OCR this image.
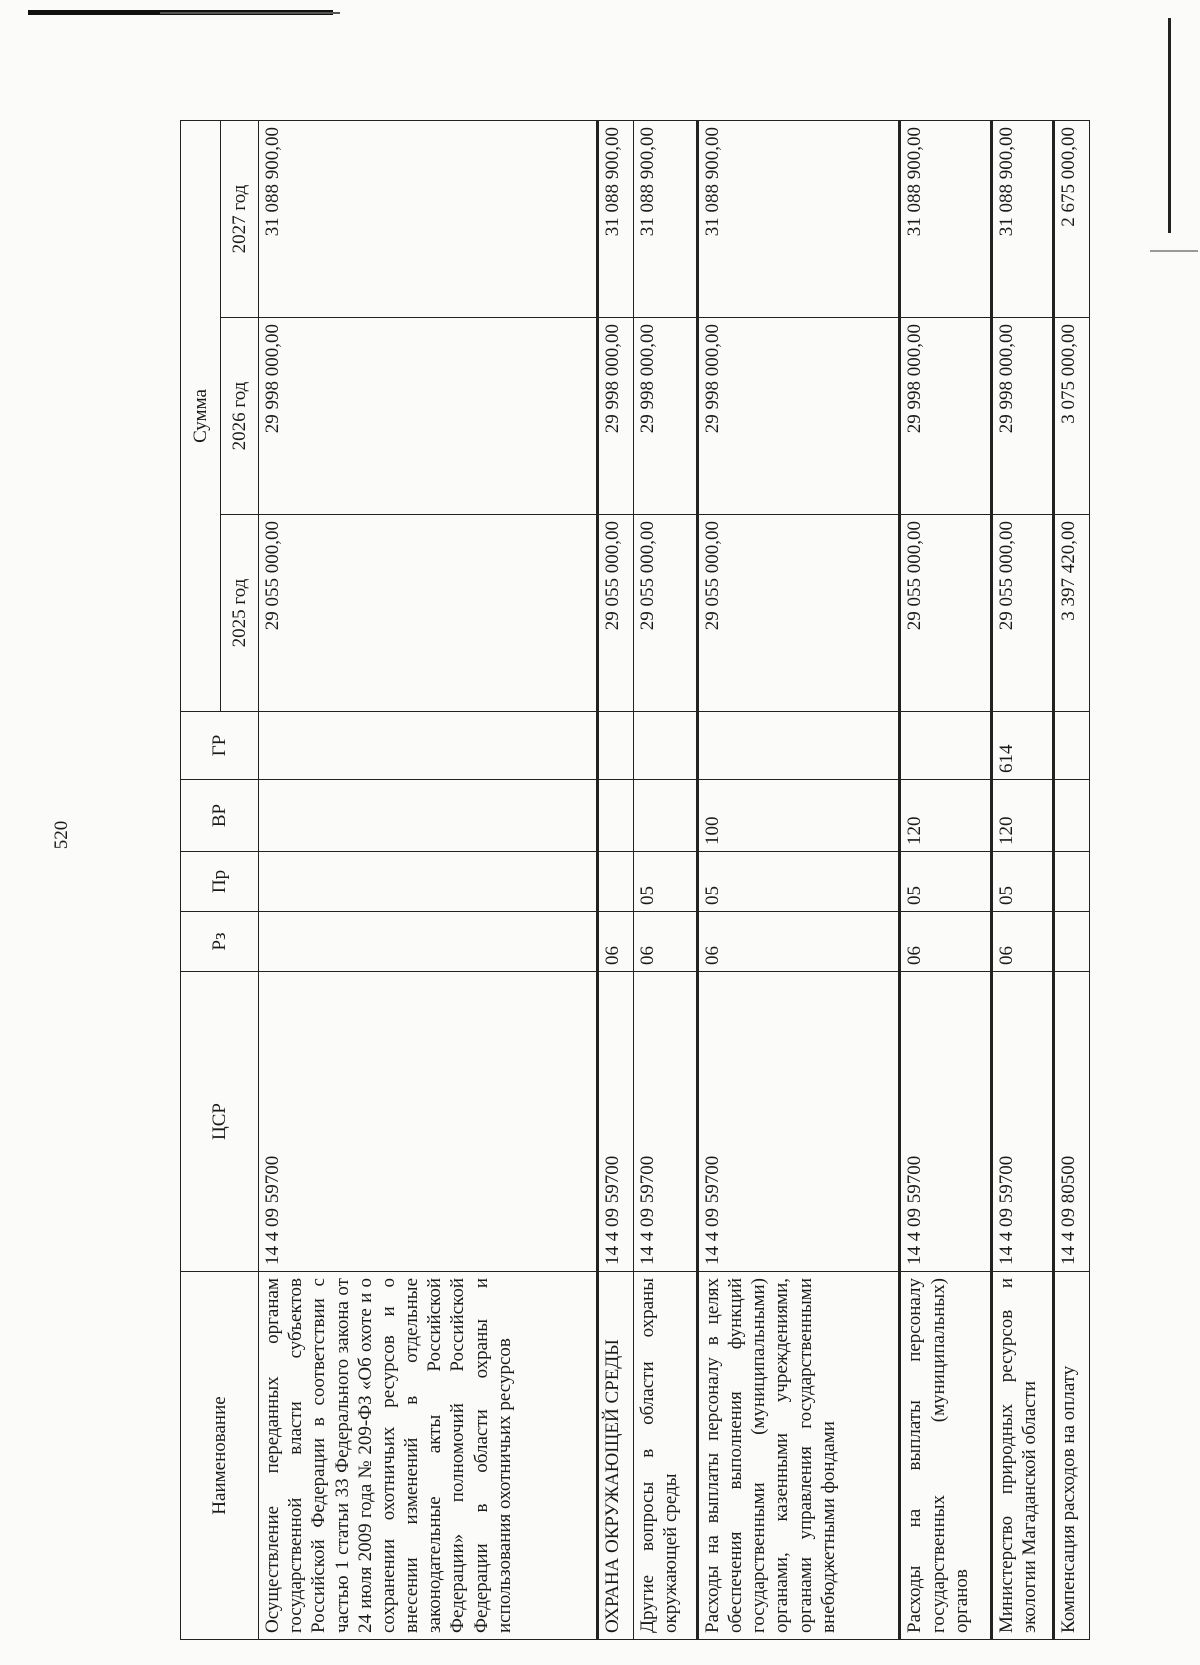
520
Наименование	ЦСР	Рз	Пр	ВР	ГР	Сумма		
						2025 год	2026 год	2027 год
Осуществление переданных органам государственной власти субъектов Российской Федерации в соответствии с частью 1 статьи 33 Федерального закона от 24 июля 2009 года № 209-ФЗ «Об охоте и о сохранении охотничьих ресурсов и о внесении изменений в отдельные законодательные акты Российской Федерации» полномочий Российской Федерации в области охраны и использования охотничьих ресурсов	14 4 09 59700					29 055 000,00	29 998 000,00	31 088 900,00
ОХРАНА ОКРУЖАЮЩЕЙ СРЕДЫ	14 4 09 59700	06				29 055 000,00	29 998 000,00	31 088 900,00
Другие вопросы в области охраны окружающей среды	14 4 09 59700	06	05			29 055 000,00	29 998 000,00	31 088 900,00
Расходы на выплаты персоналу в целях обеспечения выполнения функций государственными (муниципальными) органами, казенными учреждениями, органами управления государственными внебюджетными фондами	14 4 09 59700	06	05	100		29 055 000,00	29 998 000,00	31 088 900,00
Расходы на выплаты персоналу государственных (муниципальных) органов	14 4 09 59700	06	05	120		29 055 000,00	29 998 000,00	31 088 900,00
Министерство природных ресурсов и экологии Магаданской области	14 4 09 59700	06	05	120	614	29 055 000,00	29 998 000,00	31 088 900,00
Компенсация расходов на оплату	14 4 09 80500					3 397 420,00	3 075 000,00	2 675 000,00
